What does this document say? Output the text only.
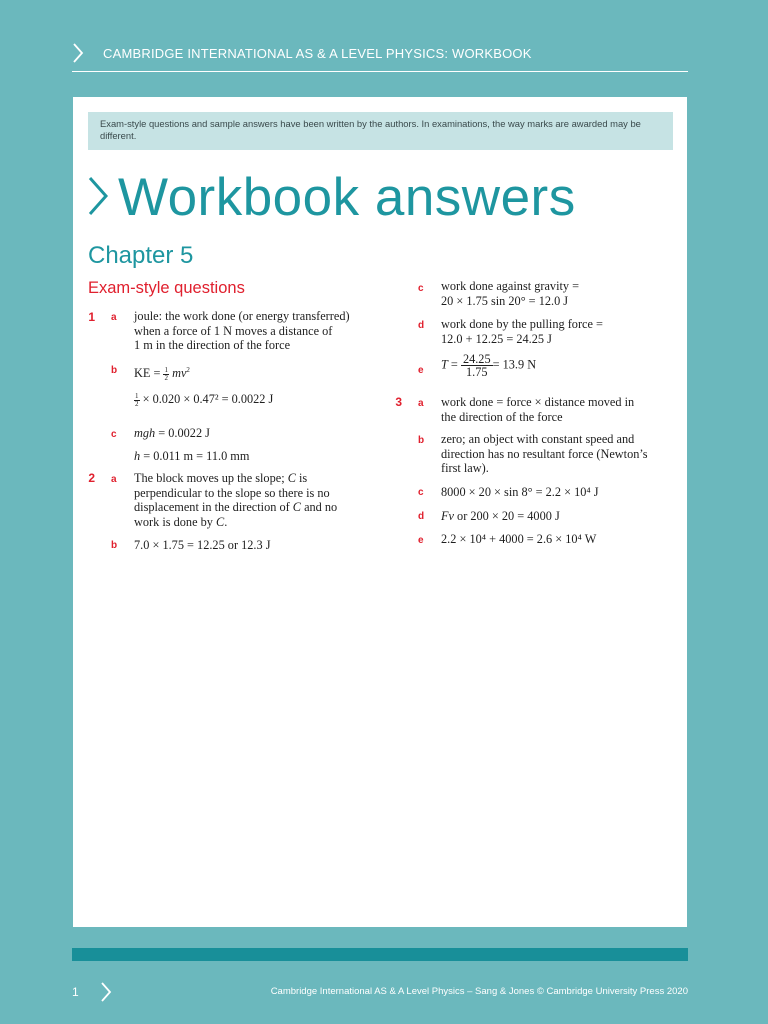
CAMBRIDGE INTERNATIONAL AS & A LEVEL PHYSICS: WORKBOOK
Exam-style questions and sample answers have been written by the authors. In examinations, the way marks are awarded may be different.
Workbook answers
Chapter 5
Exam-style questions
1 a joule: the work done (or energy transferred)
when a force of 1 N moves a distance of
1 m in the direction of the force
b KE = $\frac{1}{2} mv^2$
$\frac{1}{2} \times 0.020 \times 0.47^2 = 0.0022$ J
c mgh = 0.0022 J
h = 0.011 m = 11.0 mm
2 a The block moves up the slope; C is
perpendicular to the slope so there is no
displacement in the direction of C and no
work is done by C.
b 7.0 × 1.75 = 12.25 or 12.3 J
c work done against gravity =
20 × 1.75 sin 20° = 12.0 J
d work done by the pulling force =
12.0 + 12.25 = 24.25 J
e $T = \frac{24.25}{1.75} = 13.9$ N
3 a work done = force × distance moved in
the direction of the force
b zero; an object with constant speed and
direction has no resultant force (Newton’s
first law).
c 8000 × 20 × sin 8° = 2.2 × 10⁴ J
d Fv or 200 × 20 = 4000 J
e 2.2 × 10⁴ + 4000 = 2.6 × 10⁴ W
1	Cambridge International AS & A Level Physics – Sang & Jones © Cambridge University Press 2020
